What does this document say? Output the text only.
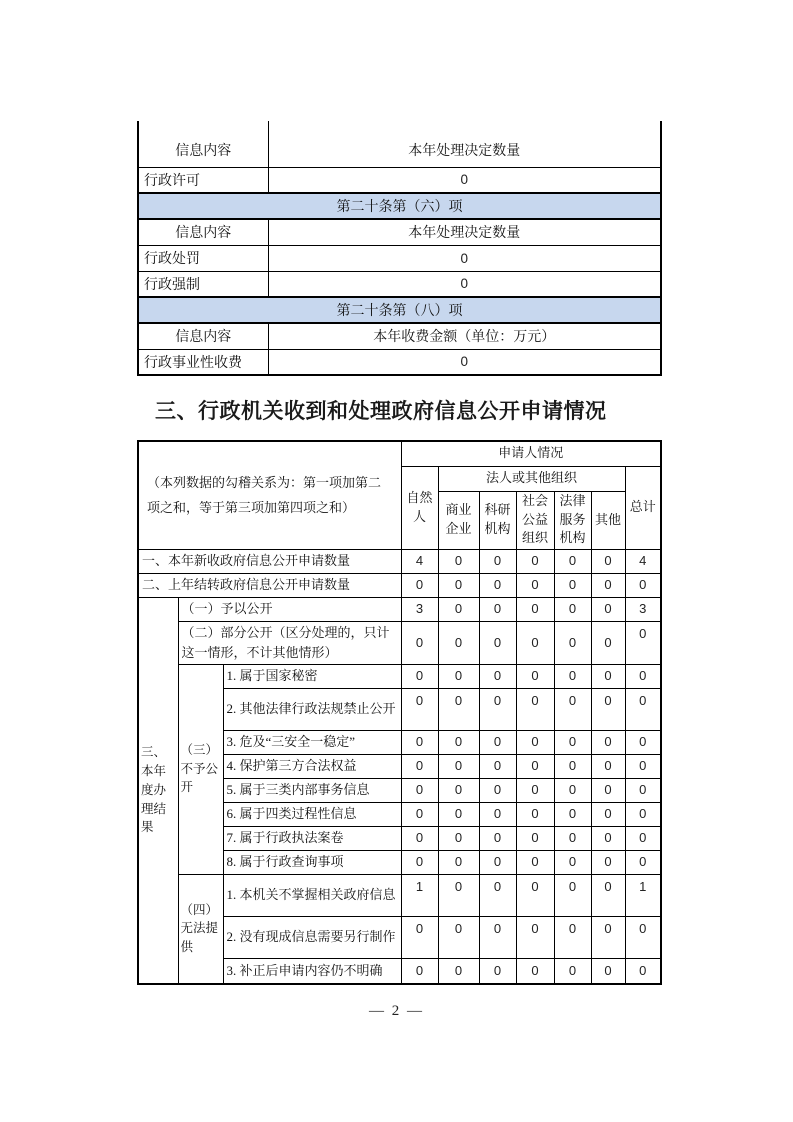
信息内容	本年处理决定数量
行政许可	0
第二十条第（六）项	
信息内容	本年处理决定数量
行政处罚	0
行政强制	0
第二十条第（八）项	
信息内容	本年收费金额（单位：万元）
行政事业性收费	0
三、行政机关收到和处理政府信息公开申请情况
（本列数据的勾稽关系为：第一项加第二项之和，等于第三项加第四项之和）			申请人情况						
			自然人	法人或其他组织					总计
				商业企业	科研机构	社会公益组织	法律服务机构	其他	
一、本年新收政府信息公开申请数量			4	0	0	0	0	0	4
二、上年结转政府信息公开申请数量			0	0	0	0	0	0	0
三、本年度办理结果	（一）予以公开		3	0	0	0	0	0	3
	（二）部分公开（区分处理的，只计这一情形，不计其他情形）		0	0	0	0	0	0	0
	（三）不予公开	1. 属于国家秘密	0	0	0	0	0	0	0
		2. 其他法律行政法规禁止公开	0	0	0	0	0	0	0
		3. 危及“三安全一稳定”	0	0	0	0	0	0	0
		4. 保护第三方合法权益	0	0	0	0	0	0	0
		5. 属于三类内部事务信息	0	0	0	0	0	0	0
		6. 属于四类过程性信息	0	0	0	0	0	0	0
		7. 属于行政执法案卷	0	0	0	0	0	0	0
		8. 属于行政查询事项	0	0	0	0	0	0	0
	（四）无法提供	1. 本机关不掌握相关政府信息	1	0	0	0	0	0	1
		2. 没有现成信息需要另行制作	0	0	0	0	0	0	0
		3. 补正后申请内容仍不明确	0	0	0	0	0	0	0
— 2 —
